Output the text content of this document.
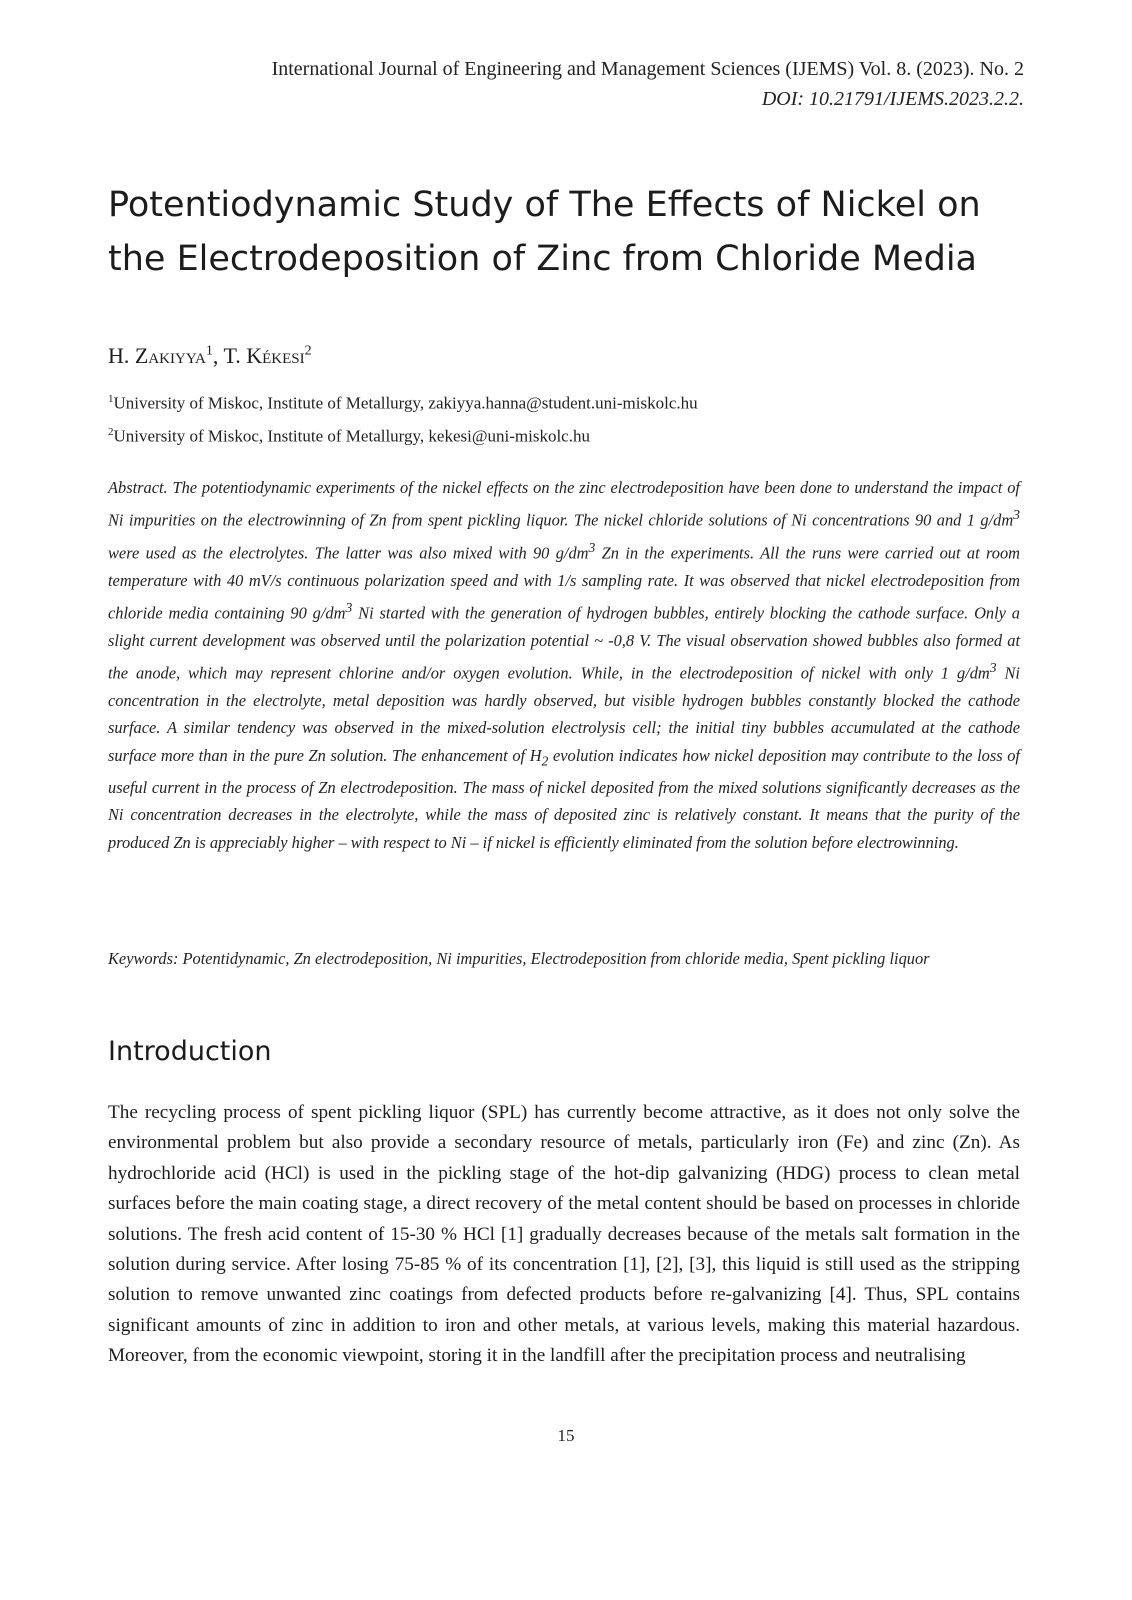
International Journal of Engineering and Management Sciences (IJEMS) Vol. 8. (2023). No. 2
DOI: 10.21791/IJEMS.2023.2.2.
Potentiodynamic Study of The Effects of Nickel on the Electrodeposition of Zinc from Chloride Media
H. Zakiyya$^1$, T. Kékesi$^2$
$^1$University of Miskoc, Institute of Metallurgy, zakiyya.hanna@student.uni-miskolc.hu
$^2$University of Miskoc, Institute of Metallurgy, kekesi@uni-miskolc.hu

Abstract. The potentiodynamic experiments of the nickel effects on the zinc electrodeposition have been done to understand the impact of Ni impurities on the electrowinning of Zn from spent pickling liquor. The nickel chloride solutions of Ni concentrations 90 and 1 $g/dm^3$ were used as the electrolytes. The latter was also mixed with 90 $g/dm^3$ Zn in the experiments. All the runs were carried out at room temperature with 40 mV/s continuous polarization speed and with 1/s sampling rate. It was observed that nickel electrodeposition from chloride media containing 90 $g/dm^3$ Ni started with the generation of hydrogen bubbles, entirely blocking the cathode surface. Only a slight current development was observed until the polarization potential ~ -0,8 V. The visual observation showed bubbles also formed at the anode, which may represent chlorine and/or oxygen evolution. While, in the electrodeposition of nickel with only 1 $g/dm^3$ Ni concentration in the electrolyte, metal deposition was hardly observed, but visible hydrogen bubbles constantly blocked the cathode surface. A similar tendency was observed in the mixed-solution electrolysis cell; the initial tiny bubbles accumulated at the cathode surface more than in the pure Zn solution. The enhancement of $H_2$ evolution indicates how nickel deposition may contribute to the loss of useful current in the process of Zn electrodeposition. The mass of nickel deposited from the mixed solutions significantly decreases as the Ni concentration decreases in the electrolyte, while the mass of deposited zinc is relatively constant. It means that the purity of the produced Zn is appreciably higher – with respect to Ni – if nickel is efficiently eliminated from the solution before electrowinning.

Keywords: Potentidynamic, Zn electrodeposition, Ni impurities, Electrodeposition from chloride media, Spent pickling liquor

Introduction

The recycling process of spent pickling liquor (SPL) has currently become attractive, as it does not only solve the environmental problem but also provide a secondary resource of metals, particularly iron (Fe) and zinc (Zn). As hydrochloride acid (HCl) is used in the pickling stage of the hot-dip galvanizing (HDG) process to clean metal surfaces before the main coating stage, a direct recovery of the metal content should be based on processes in chloride solutions. The fresh acid content of 15-30 % HCl [1] gradually decreases because of the metals salt formation in the solution during service. After losing 75-85 % of its concentration [1], [2], [3], this liquid is still used as the stripping solution to remove unwanted zinc coatings from defected products before re-galvanizing [4]. Thus, SPL contains significant amounts of zinc in addition to iron and other metals, at various levels, making this material hazardous. Moreover, from the economic viewpoint, storing it in the landfill after the precipitation process and neutralising

15
